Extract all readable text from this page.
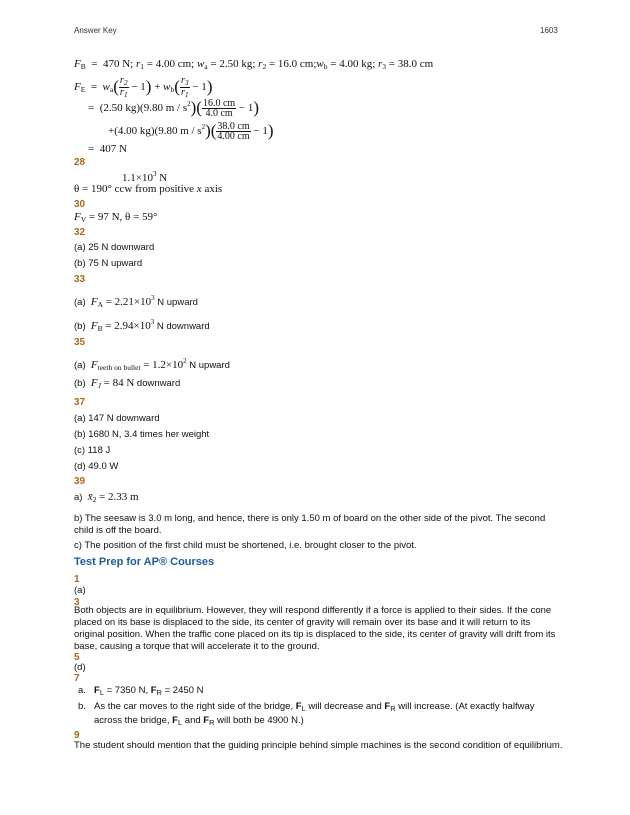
Answer Key	1603
$F_B = 470$ N; $r_1 = 4.00$ cm; $w_a = 2.50$ kg; $r_2 = 16.0$ $cm;w_b = 4.00$ kg; $r_3 = 38.0$ cm
$F_E = w_a( \frac{r_2}{r_1} - 1) + w_b( \frac{r_3}{r_1} - 1)$
=  (2.50 kg)(9.80 $m / s^2)( \frac{16.0 cm}{4.0 cm} - 1)$
+(4.00 kg)(9.80 $m / s^2)( \frac{38.0 cm}{4.00 cm} - 1)$
=  407 N
28
$1.1\times 10^3$ N
θ = 190° ccw from positive x axis
30
$F_V = 97$ N, θ = 59°
32
(a) 25 N downward
(b) 75 N upward
33
(a) $F_A = 2.21\times 10^3$ N upward
(b) $F_B = 2.94\times 10^3$ N downward
35
(a) $F_{teeth on bullet} = 1.2\times 10^2$ N upward
(b) $F_J = 84$ N downward
37
(a) 147 N downward
(b) 1680 N, 3.4 times her weight
(c) 118 J
(d) 49.0 W
39
a) $x̄_2 = 2.33$ m
b) The seesaw is 3.0 m long, and hence, there is only 1.50 m of board on the other side of the pivot. The second child is off the board.
c) The position of the first child must be shortened, i.e. brought closer to the pivot.
Test Prep for AP® Courses
1
(a)
3
Both objects are in equilibrium. However, they will respond differently if a force is applied to their sides. If the cone placed on its base is displaced to the side, its center of gravity will remain over its base and it will return to its original position. When the traffic cone placed on its tip is displaced to the side, its center of gravity will drift from its base, causing a torque that will accelerate it to the ground.
5
(d)
7
a. $F_L = 7350$ N, $F_R = 2450$ N
b. As the car moves to the right side of the bridge, $F_L$ will decrease and $F_R$ will increase. (At exactly halfway across the bridge, $F_L$ and $F_R$ will both be 4900 N.)
9
The student should mention that the guiding principle behind simple machines is the second condition of equilibrium.
